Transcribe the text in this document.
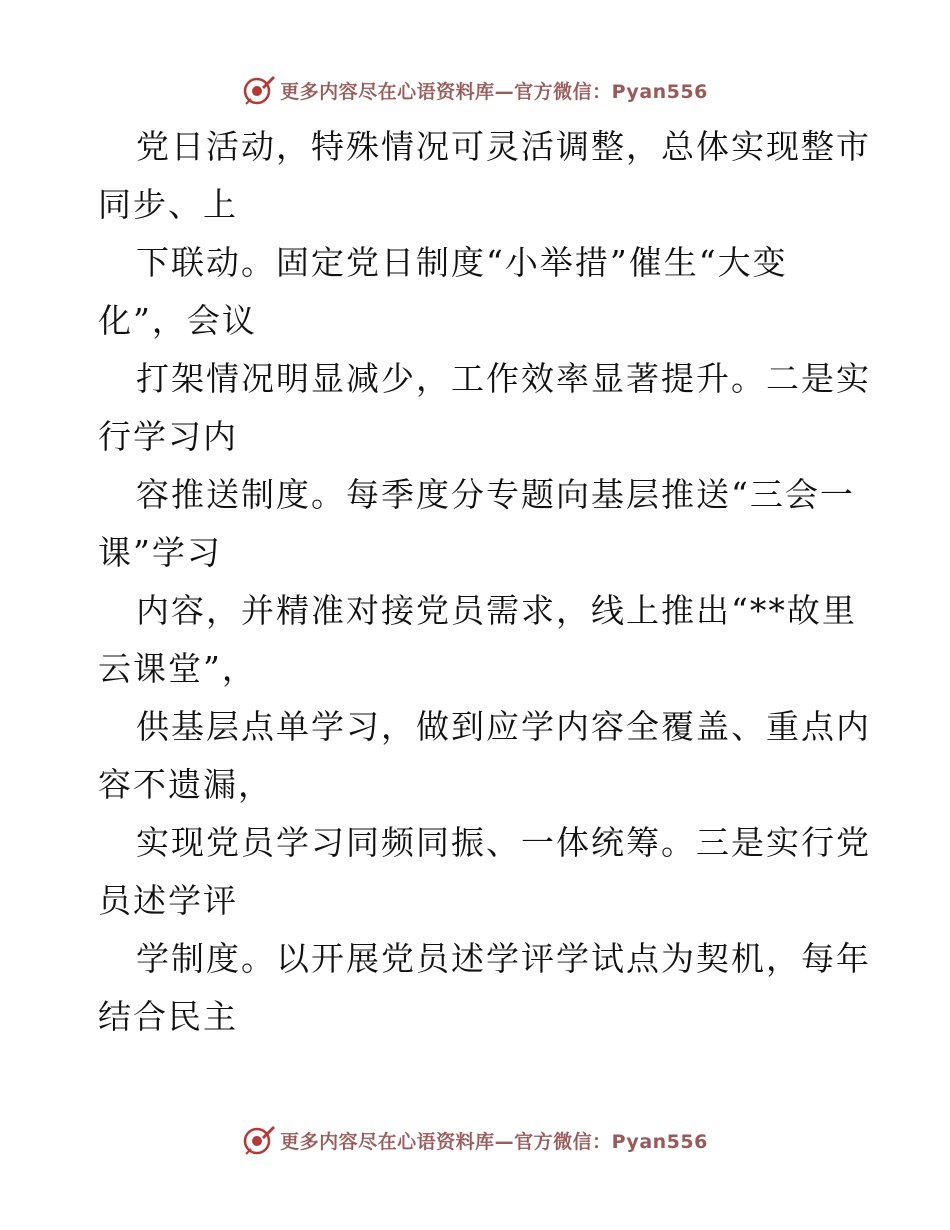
更多内容尽在心语资料库—官方微信：Pyan556

党日活动，特殊情况可灵活调整，总体实现整市
同步、上

下联动。固定党日制度“小举措”催生“大变
化”，会议

打架情况明显减少，工作效率显著提升。二是实
行学习内

容推送制度。每季度分专题向基层推送“三会一
课”学习

内容，并精准对接党员需求，线上推出“**故里
云课堂”，

供基层点单学习，做到应学内容全覆盖、重点内
容不遗漏，

实现党员学习同频同振、一体统筹。三是实行党
员述学评

学制度。以开展党员述学评学试点为契机，每年
结合民主

更多内容尽在心语资料库—官方微信：Pyan556
